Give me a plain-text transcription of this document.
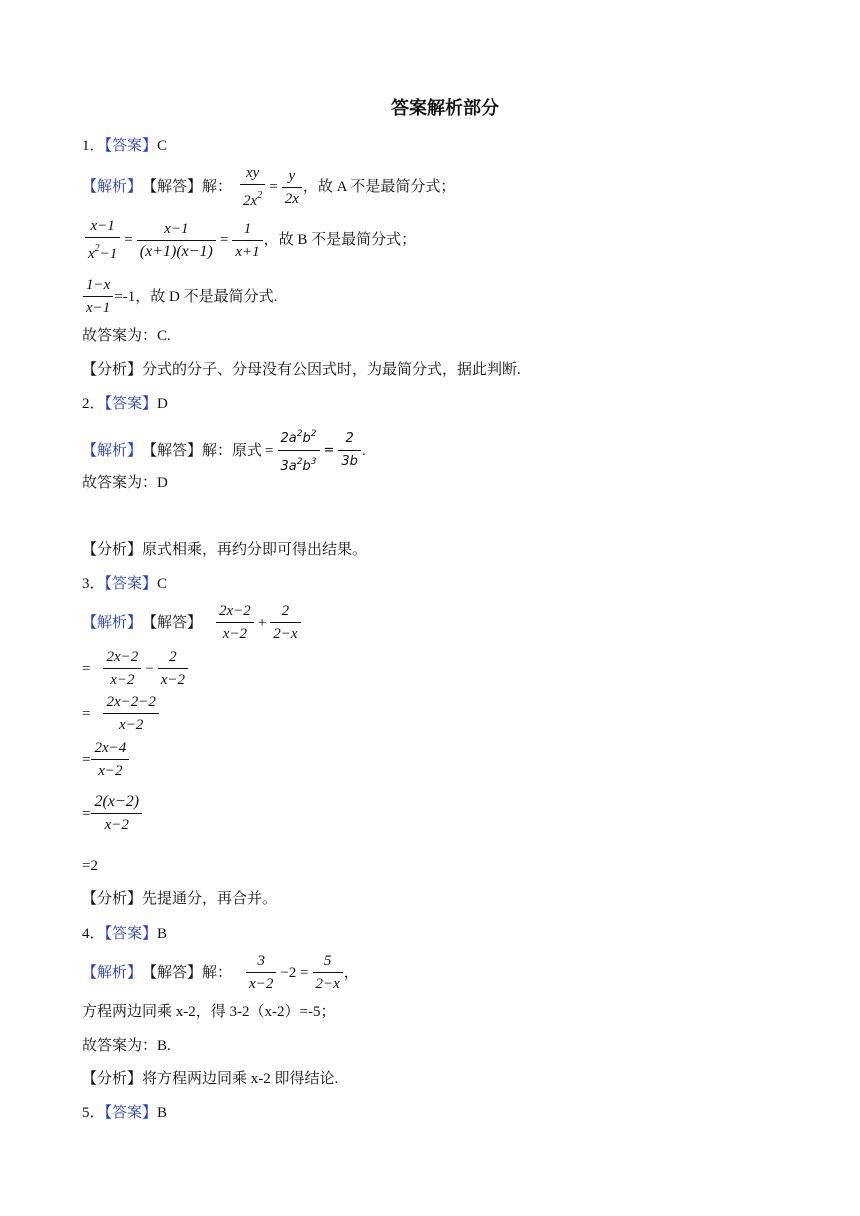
答案解析部分
1．【答案】C
【解析】 【解答】 解： $\frac{xy}{2x^2} = \frac{y}{2x}$ ，故 A 不是最简分式；
$\frac{x-1}{x^2-1} = \frac{x-1}{(x+1)(x-1)} = \frac{1}{x+1}$ ，故 B 不是最简分式；
$\frac{1-x}{x-1} =-1$，故 D 不是最简分式.
故答案为：C.
【分析】分式的分子、分母没有公因式时，为最简分式，据此判断.
2．【答案】D
【解析】 【解答】 解：原式 = $\frac{2a^2b^2}{3a^2b^3} = \frac{2}{3b}$ .
故答案为：D
【分析】原式相乘，再约分即可得出结果。
3．【答案】C
【解析】 【解答】 $\frac{2x-2}{x-2} + \frac{2}{2-x}$
= $\frac{2x-2}{x-2} - \frac{2}{x-2}$
= $\frac{2x-2-2}{x-2}$
= $\frac{2x-4}{x-2}$
= $\frac{2(x-2)}{x-2}$
=2
【分析】先提通分，再合并。
4．【答案】B
【解析】 【解答】 解： $\frac{3}{x-2} -2 = \frac{5}{2-x}$ ，
方程两边同乘 x-2，得 3-2（x-2）=-5；
故答案为：B.
【分析】将方程两边同乘 x-2 即得结论.
5．【答案】B
